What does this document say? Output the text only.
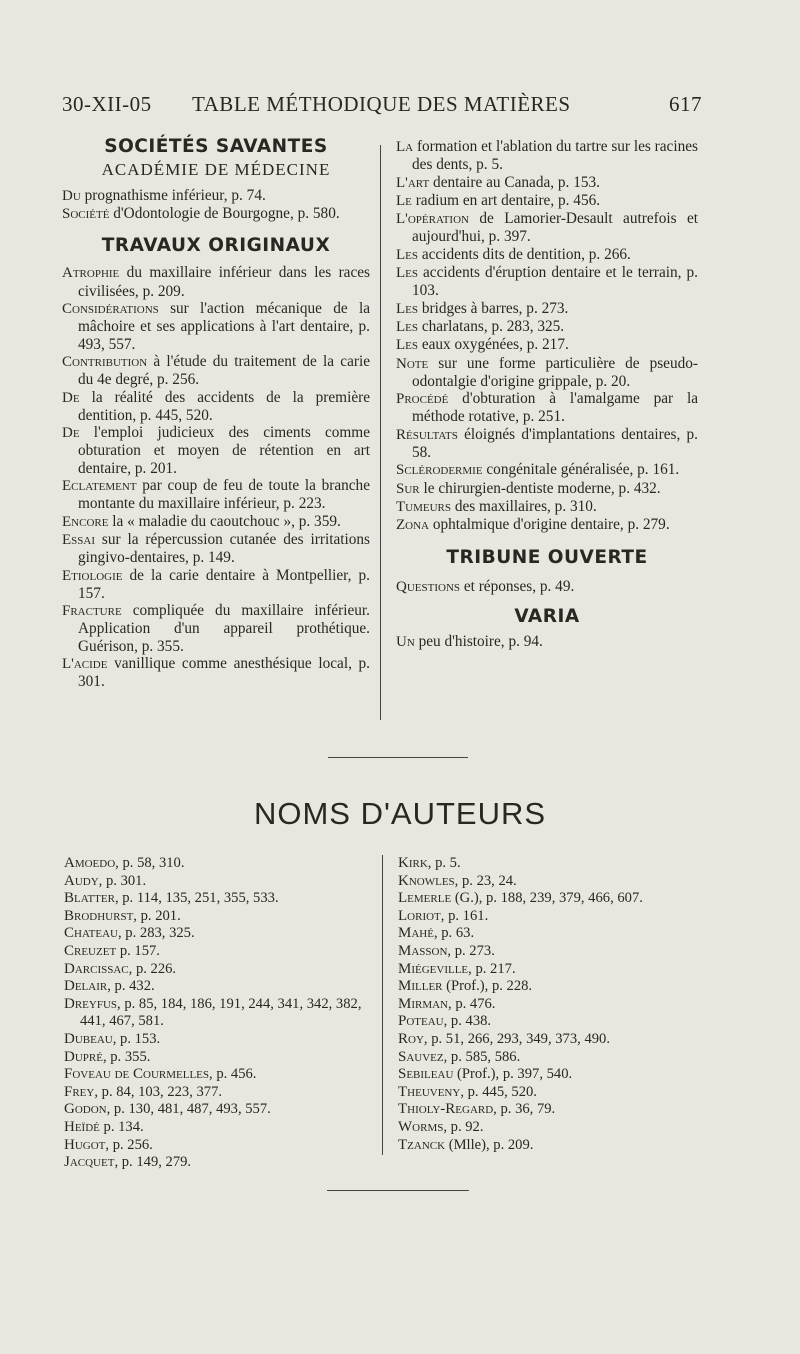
30-XII-05 TABLE MÉTHODIQUE DES MATIÈRES	617
SOCIÉTÉS SAVANTES
ACADÉMIE DE MÉDECINE
Du prognathisme inférieur, p. 74.
Société d'Odontologie de Bourgogne, p. 580.
TRAVAUX ORIGINAUX
Atrophie du maxillaire inférieur dans les races civilisées, p. 209.
Considérations sur l'action mécanique de la mâchoire et ses applications à l'art dentaire, p. 493, 557.
Contribution à l'étude du traitement de la carie du 4e degré, p. 256.
De la réalité des accidents de la première dentition, p. 445, 520.
De l'emploi judicieux des ciments comme obturation et moyen de rétention en art dentaire, p. 201.
Eclatement par coup de feu de toute la branche montante du maxillaire inférieur, p. 223.
Encore la « maladie du caoutchouc », p. 359.
Essai sur la répercussion cutanée des irritations gingivo-dentaires, p. 149.
Etiologie de la carie dentaire à Montpellier, p. 157.
Fracture compliquée du maxillaire inférieur. Application d'un appareil prothétique. Guérison, p. 355.
L'acide vanillique comme anesthésique local, p. 301.
La formation et l'ablation du tartre sur les racines des dents, p. 5.
L'art dentaire au Canada, p. 153.
Le radium en art dentaire, p. 456.
L'opération de Lamorier-Desault autrefois et aujourd'hui, p. 397.
Les accidents dits de dentition, p. 266.
Les accidents d'éruption dentaire et le terrain, p. 103.
Les bridges à barres, p. 273.
Les charlatans, p. 283, 325.
Les eaux oxygénées, p. 217.
Note sur une forme particulière de pseudo-odontalgie d'origine grippale, p. 20.
Procédé d'obturation à l'amalgame par la méthode rotative, p. 251.
Résultats éloignés d'implantations dentaires, p. 58.
Sclérodermie congénitale généralisée, p. 161.
Sur le chirurgien-dentiste moderne, p. 432.
Tumeurs des maxillaires, p. 310.
Zona ophtalmique d'origine dentaire, p. 279.
TRIBUNE OUVERTE
Questions et réponses, p. 49.
VARIA
Un peu d'histoire, p. 94.
NOMS D'AUTEURS
Amoedo, p. 58, 310.
Audy, p. 301.
Blatter, p. 114, 135, 251, 355, 533.
Brodhurst, p. 201.
Chateau, p. 283, 325.
Creuzet p. 157.
Darcissac, p. 226.
Delair, p. 432.
Dreyfus, p. 85, 184, 186, 191, 244, 341, 342, 382, 441, 467, 581.
Dubeau, p. 153.
Dupré, p. 355.
Foveau de Courmelles, p. 456.
Frey, p. 84, 103, 223, 377.
Godon, p. 130, 481, 487, 493, 557.
Heïdé p. 134.
Hugot, p. 256.
Jacquet, p. 149, 279.
Kirk, p. 5.
Knowles, p. 23, 24.
Lemerle (G.), p. 188, 239, 379, 466, 607.
Loriot, p. 161.
Mahé, p. 63.
Masson, p. 273.
Miégeville, p. 217.
Miller (Prof.), p. 228.
Mirman, p. 476.
Poteau, p. 438.
Roy, p. 51, 266, 293, 349, 373, 490.
Sauvez, p. 585, 586.
Sebileau (Prof.), p. 397, 540.
Theuveny, p. 445, 520.
Thioly-Regard, p. 36, 79.
Worms, p. 92.
Tzanck (Mlle), p. 209.
